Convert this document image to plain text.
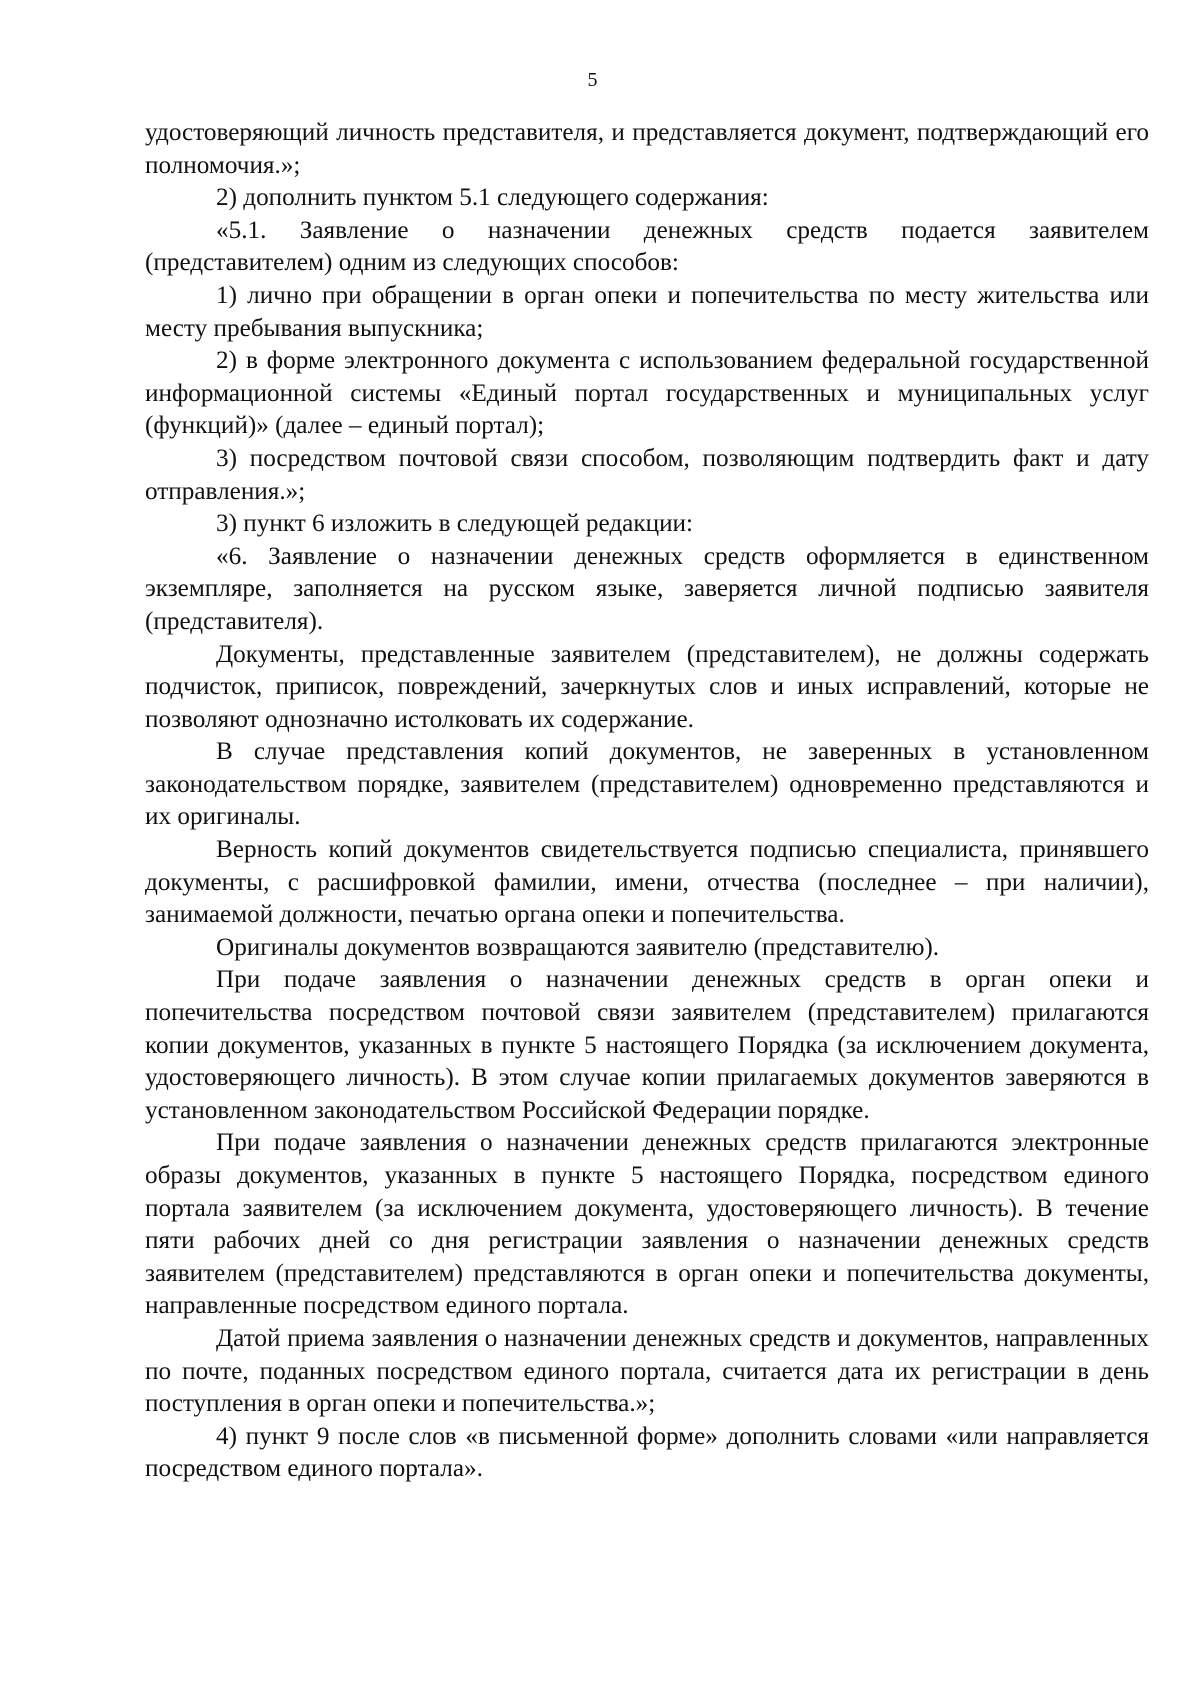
5

удостоверяющий личность представителя, и представляется документ, подтверждающий его полномочия.»;

2) дополнить пунктом 5.1 следующего содержания:

«5.1. Заявление о назначении денежных средств подается заявителем (представителем) одним из следующих способов:

1) лично при обращении в орган опеки и попечительства по месту жительства или месту пребывания выпускника;

2) в форме электронного документа с использованием федеральной государственной информационной системы «Единый портал государственных и муниципальных услуг (функций)» (далее – единый портал);

3) посредством почтовой связи способом, позволяющим подтвердить факт и дату отправления.»;

3) пункт 6 изложить в следующей редакции:

«6. Заявление о назначении денежных средств оформляется в единственном экземпляре, заполняется на русском языке, заверяется личной подписью заявителя (представителя).

Документы, представленные заявителем (представителем), не должны содержать подчисток, приписок, повреждений, зачеркнутых слов и иных исправлений, которые не позволяют однозначно истолковать их содержание.

В случае представления копий документов, не заверенных в установленном законодательством порядке, заявителем (представителем) одновременно представляются и их оригиналы.

Верность копий документов свидетельствуется подписью специалиста, принявшего документы, с расшифровкой фамилии, имени, отчества (последнее – при наличии), занимаемой должности, печатью органа опеки и попечительства.

Оригиналы документов возвращаются заявителю (представителю).

При подаче заявления о назначении денежных средств в орган опеки и попечительства посредством почтовой связи заявителем (представителем) прилагаются копии документов, указанных в пункте 5 настоящего Порядка (за исключением документа, удостоверяющего личность). В этом случае копии прилагаемых документов заверяются в установленном законодательством Российской Федерации порядке.

При подаче заявления о назначении денежных средств прилагаются электронные образы документов, указанных в пункте 5 настоящего Порядка, посредством единого портала заявителем (за исключением документа, удостоверяющего личность). В течение пяти рабочих дней со дня регистрации заявления о назначении денежных средств заявителем (представителем) представляются в орган опеки и попечительства документы, направленные посредством единого портала.

Датой приема заявления о назначении денежных средств и документов, направленных по почте, поданных посредством единого портала, считается дата их регистрации в день поступления в орган опеки и попечительства.»;

4) пункт 9 после слов «в письменной форме» дополнить словами «или направляется посредством единого портала».
